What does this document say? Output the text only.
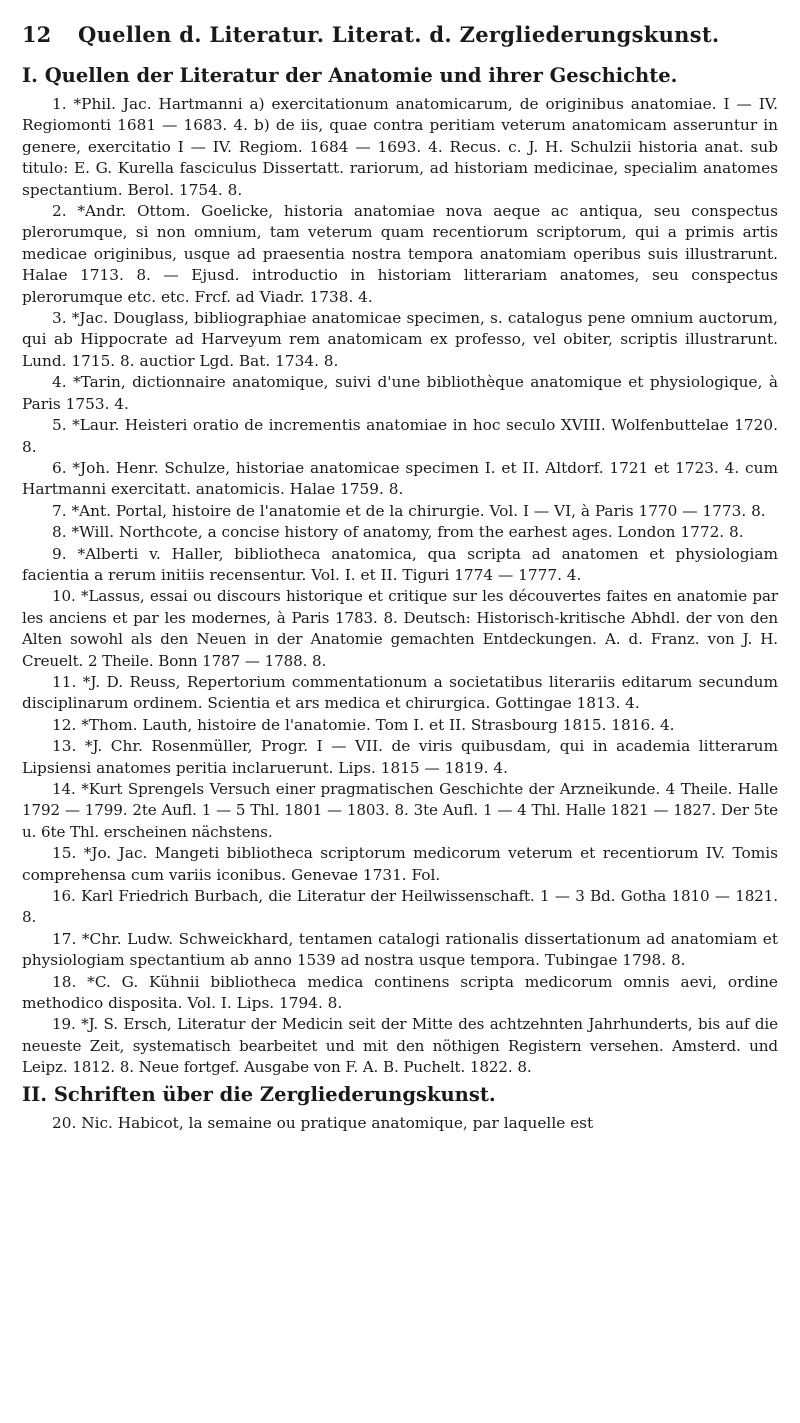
12 Quellen d. Literatur. Literat. d. Zergliederungskunst.
I. Quellen der Literatur der Anatomie und ihrer Geschichte.

1. *Phil. Jac. Hartmanni a) exercitationum anatomicarum, de originibus anatomiae. I — IV. Regiomonti 1681 — 1683. 4. b) de iis, quae contra peritiam veterum anatomicam asseruntur in genere, exercitatio I — IV. Regiom. 1684 — 1693. 4. Recus. c. J. H. Schulzii historia anat. sub titulo: E. G. Kurella fasciculus Dissertatt. rariorum, ad historiam medicinae, specialim anatomes spectantium. Berol. 1754. 8.

2. *Andr. Ottom. Goelicke, historia anatomiae nova aeque ac antiqua, seu conspectus plerorumque, si non omnium, tam veterum quam recentiorum scriptorum, qui a primis artis medicae originibus, usque ad praesentia nostra tempora anatomiam operibus suis illustrarunt. Halae 1713. 8. — Ejusd. introductio in historiam litterariam anatomes, seu conspectus plerorumque etc. etc. Frcf. ad Viadr. 1738. 4.

3. *Jac. Douglass, bibliographiae anatomicae specimen, s. catalogus pene omnium auctorum, qui ab Hippocrate ad Harveyum rem anatomicam ex professo, vel obiter, scriptis illustrarunt. Lund. 1715. 8. auctior Lgd. Bat. 1734. 8.

4. *Tarin, dictionnaire anatomique, suivi d'une bibliothèque anatomique et physiologique, à Paris 1753. 4.

5. *Laur. Heisteri oratio de incrementis anatomiae in hoc seculo XVIII. Wolfenbuttelae 1720. 8.

6. *Joh. Henr. Schulze, historiae anatomicae specimen I. et II. Altdorf. 1721 et 1723. 4. cum Hartmanni exercitatt. anatomicis. Halae 1759. 8.

7. *Ant. Portal, histoire de l'anatomie et de la chirurgie. Vol. I — VI, à Paris 1770 — 1773. 8.

8. *Will. Northcote, a concise history of anatomy, from the earhest ages. London 1772. 8.

9. *Alberti v. Haller, bibliotheca anatomica, qua scripta ad anatomen et physiologiam facientia a rerum initiis recensentur. Vol. I. et II. Tiguri 1774 — 1777. 4.

10. *Lassus, essai ou discours historique et critique sur les découvertes faites en anatomie par les anciens et par les modernes, à Paris 1783. 8. Deutsch: Historisch-kritische Abhdl. der von den Alten sowohl als den Neuen in der Anatomie gemachten Entdeckungen. A. d. Franz. von J. H. Creuelt. 2 Theile. Bonn 1787 — 1788. 8.

11. *J. D. Reuss, Repertorium commentationum a societatibus literariis editarum secundum disciplinarum ordinem. Scientia et ars medica et chirurgica. Gottingae 1813. 4.

12. *Thom. Lauth, histoire de l'anatomie. Tom I. et II. Strasbourg 1815. 1816. 4.

13. *J. Chr. Rosenmüller, Progr. I — VII. de viris quibusdam, qui in academia litterarum Lipsiensi anatomes peritia inclaruerunt. Lips. 1815 — 1819. 4.

14. *Kurt Sprengels Versuch einer pragmatischen Geschichte der Arzneikunde. 4 Theile. Halle 1792 — 1799. 2te Aufl. 1 — 5 Thl. 1801 — 1803. 8. 3te Aufl. 1 — 4 Thl. Halle 1821 — 1827. Der 5te u. 6te Thl. erscheinen nächstens.

15. *Jo. Jac. Mangeti bibliotheca scriptorum medicorum veterum et recentiorum IV. Tomis comprehensa cum variis iconibus. Genevae 1731. Fol.

16. Karl Friedrich Burbach, die Literatur der Heilwissenschaft. 1 — 3 Bd. Gotha 1810 — 1821. 8.

17. *Chr. Ludw. Schweickhard, tentamen catalogi rationalis dissertationum ad anatomiam et physiologiam spectantium ab anno 1539 ad nostra usque tempora. Tubingae 1798. 8.

18. *C. G. Kühnii bibliotheca medica continens scripta medicorum omnis aevi, ordine methodico disposita. Vol. I. Lips. 1794. 8.

19. *J. S. Ersch, Literatur der Medicin seit der Mitte des achtzehnten Jahrhunderts, bis auf die neueste Zeit, systematisch bearbeitet und mit den nöthigen Registern versehen. Amsterd. und Leipz. 1812. 8. Neue fortgef. Ausgabe von F. A. B. Puchelt. 1822. 8.

II. Schriften über die Zergliederungskunst.

20. Nic. Habicot, la semaine ou pratique anatomique, par laquelle est
